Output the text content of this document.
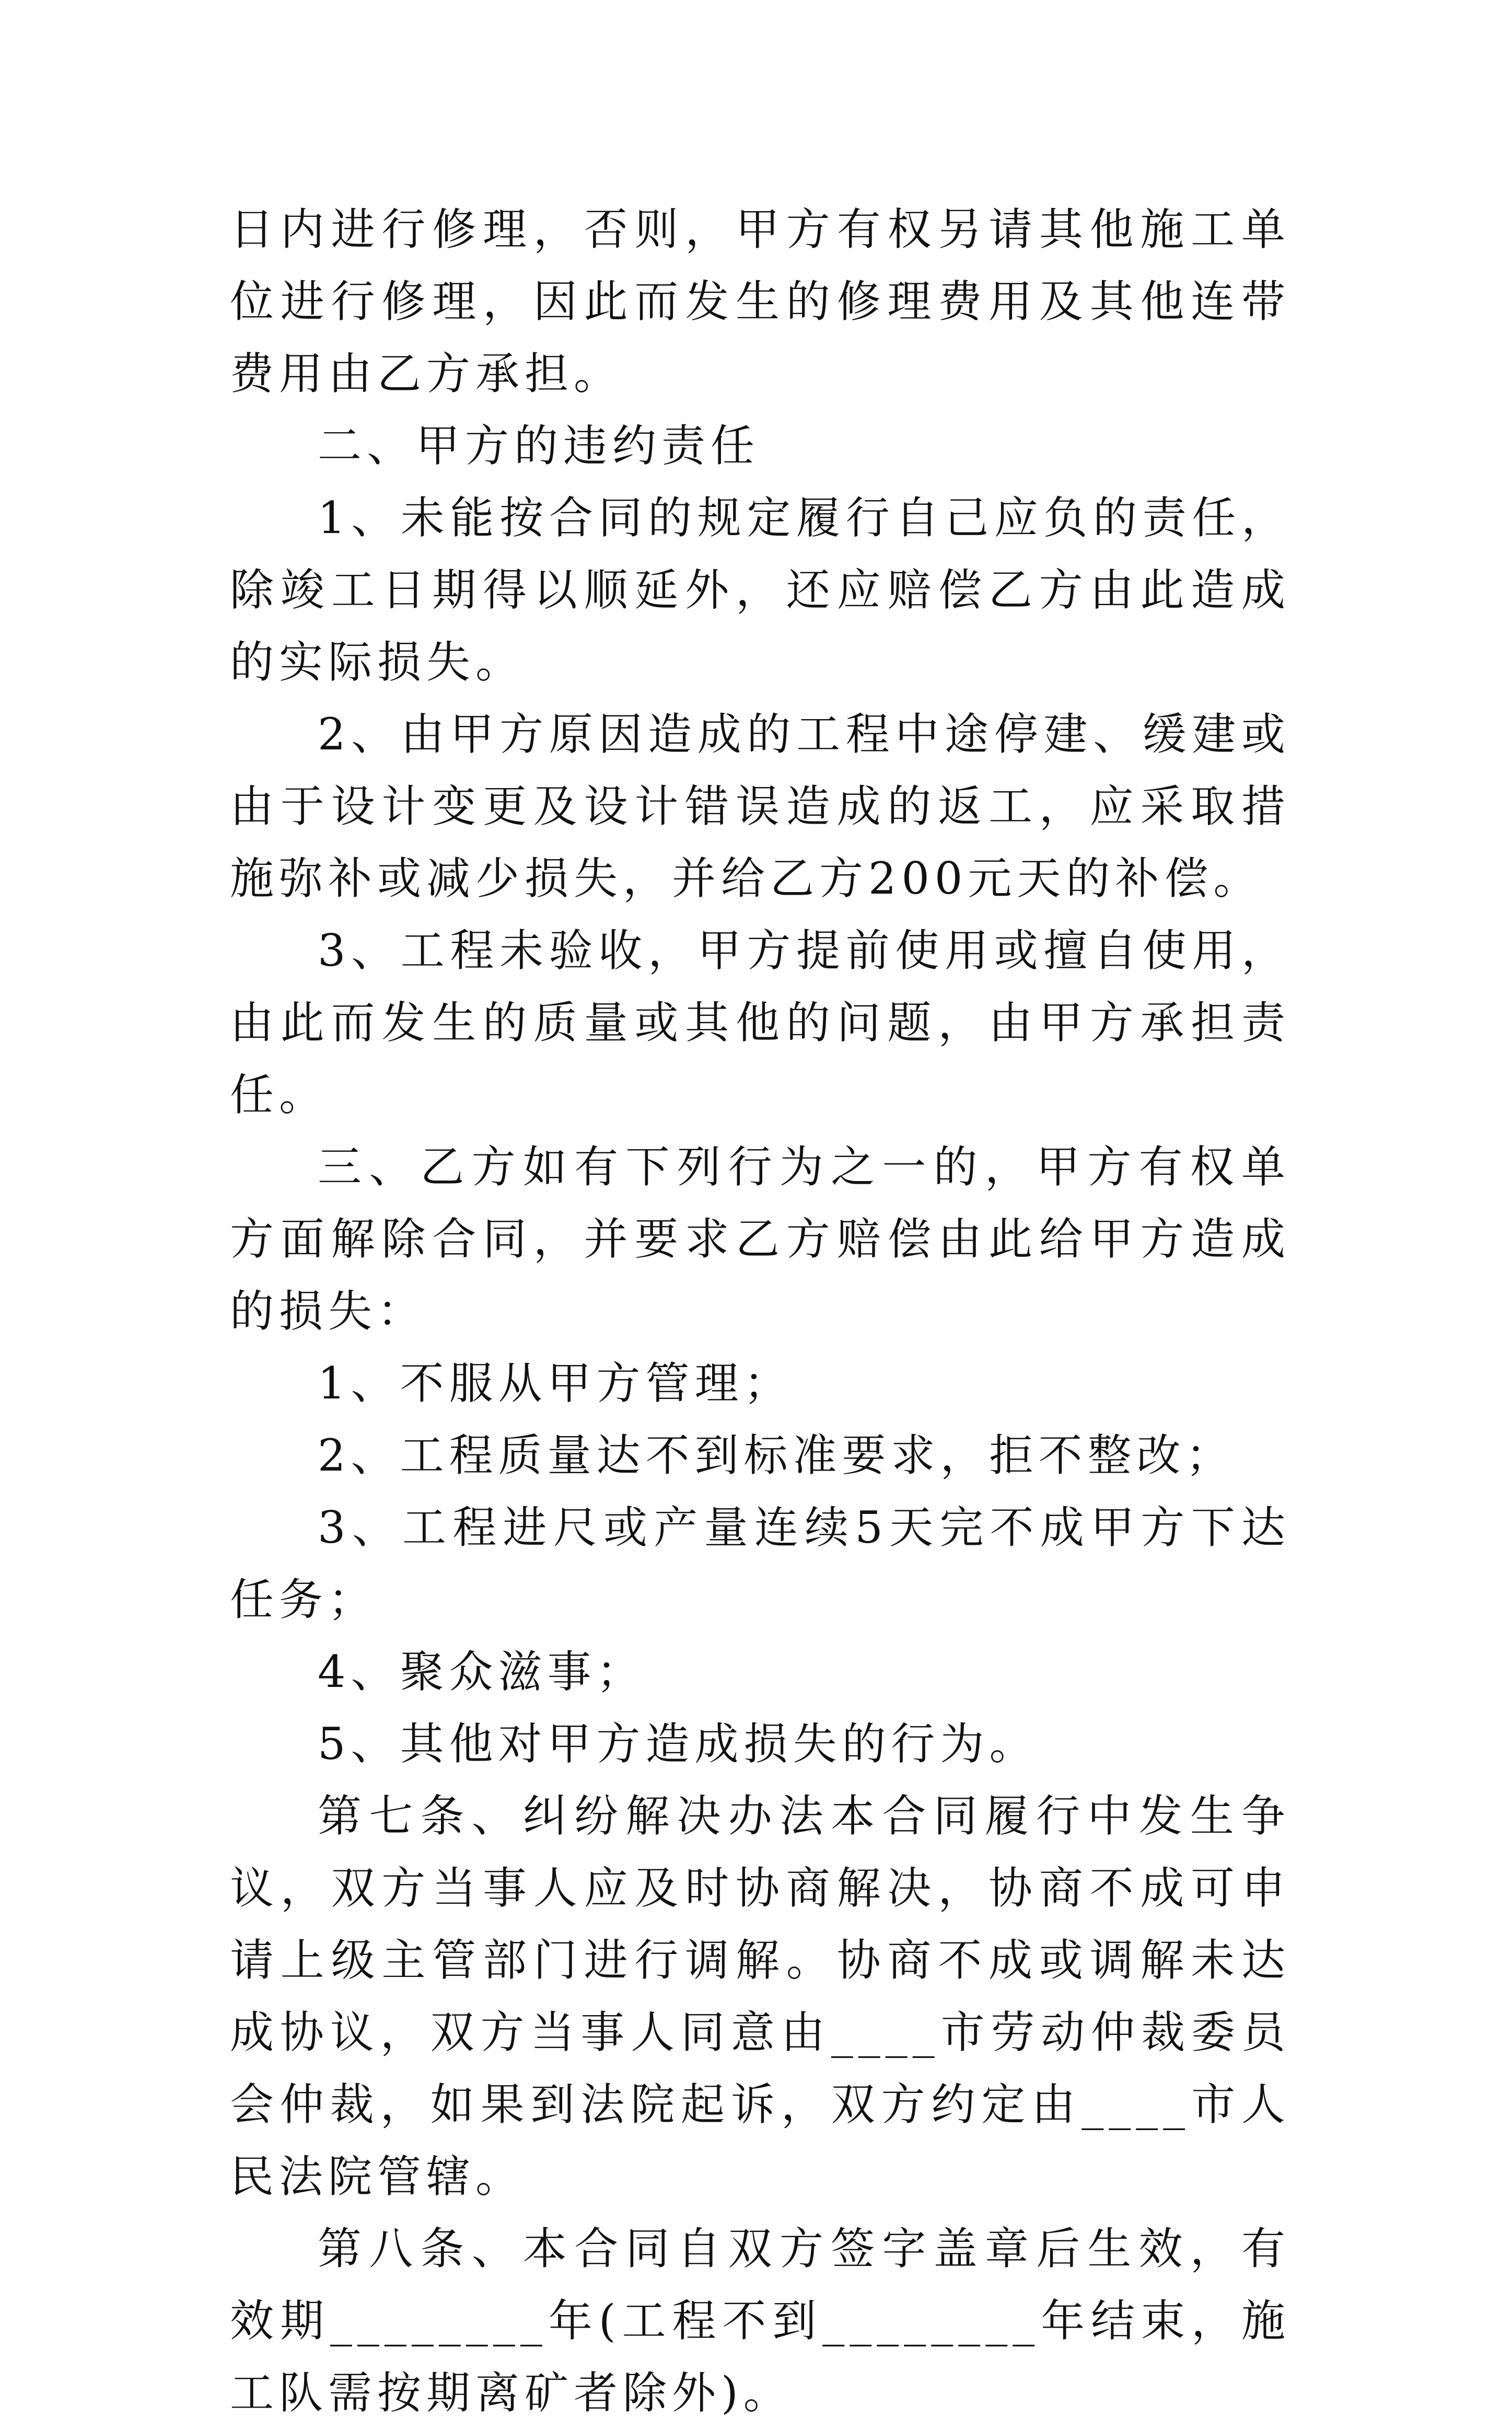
日内进行修理，否则，甲方有权另请其他施工单位进行修理，因此而发生的修理费用及其他连带费用由乙方承担。

二、甲方的违约责任

1、未能按合同的规定履行自己应负的责任，除竣工日期得以顺延外，还应赔偿乙方由此造成的实际损失。

2、由甲方原因造成的工程中途停建、缓建或由于设计变更及设计错误造成的返工，应采取措施弥补或减少损失，并给乙方200元天的补偿。

3、工程未验收，甲方提前使用或擅自使用，由此而发生的质量或其他的问题，由甲方承担责任。

三、乙方如有下列行为之一的，甲方有权单方面解除合同，并要求乙方赔偿由此给甲方造成的损失：

1、不服从甲方管理；

2、工程质量达不到标准要求，拒不整改；

3、工程进尺或产量连续5天完不成甲方下达任务；

4、聚众滋事；

5、其他对甲方造成损失的行为。

第七条、纠纷解决办法本合同履行中发生争议，双方当事人应及时协商解决，协商不成可申请上级主管部门进行调解。协商不成或调解未达成协议，双方当事人同意由____市劳动仲裁委员会仲裁，如果到法院起诉，双方约定由____市人民法院管辖。

第八条、本合同自双方签字盖章后生效，有效期________年(工程不到________年结束，施工队需按期离矿者除外)。
